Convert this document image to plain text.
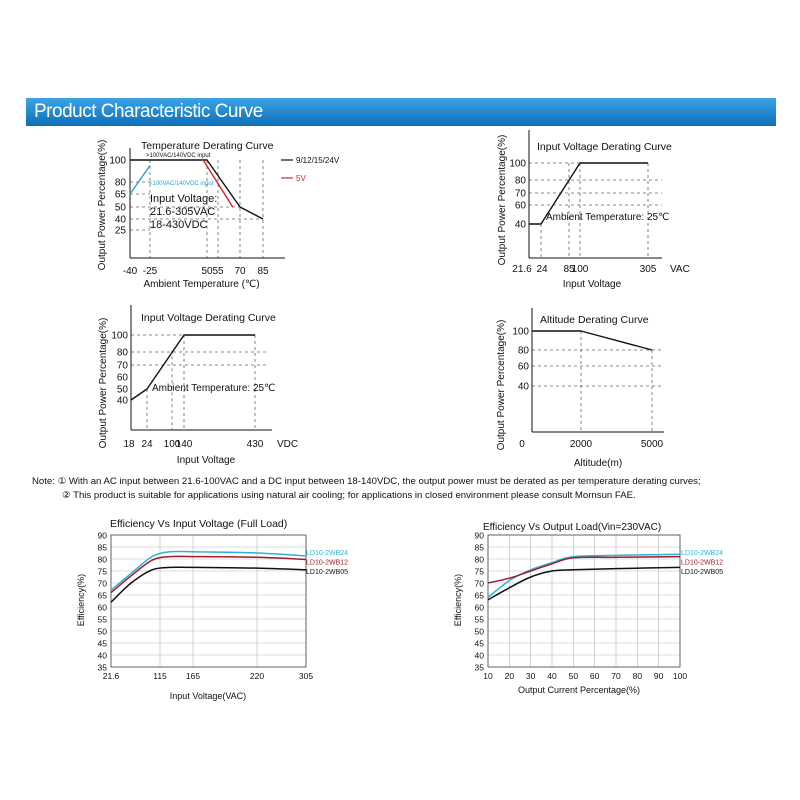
Product Characteristic Curve
Temperature Derating Curve
Output Power Percentage(%)
Ambient Temperature (℃)
25
40
50
65
80
100
-40 -25	50 55 70 85
9/12/15/24V
5V
>100VAC/140VDC input
<100VAC/140VDC input
Input Voltage:
21.6-305VAC
18-430VDC
Input Voltage Derating Curve
Output Power Percentage(%)
Input Voltage
40
60
70
80
100
21.6 24 85
100	305 VAC
Ambient Temperature: 25℃
Input Voltage Derating Curve
Output Power Percentage(%)
Input Voltage
40
50
60
70
80
100
18 24 100
140	430 VDC
Ambient Temperature: 25℃
Altitude Derating Curve
Output Power Percentage(%)
Altitude(m)
40
60
80
100
0	2000	5000
35
40
45
50
55
60
65
70
75
80
85
90
21.6	115 165	220	305
LD10-2WB24
LD10-2WB12
LD10-2WB05
Efficiency Vs Input Voltage (Full Load)
Efficiency(%)
Input Voltage(VAC)
35
40
45
50
55
60
65
70
75
80
85
90
10 20 30 40 50 60 70 80 90 100
LD10-2WB24
LD10-2WB12
LD10-2WB05
Efficiency Vs Output Load(Vin=230VAC)
Efficiency(%)
Output Current Percentage(%)
Note: ① With an AC input between 21.6-100VAC and a DC input between 18-140VDC, the output power must be derated as per temperature derating curves;
② This product is suitable for applications using natural air cooling; for applications in closed environment please consult Mornsun FAE.
